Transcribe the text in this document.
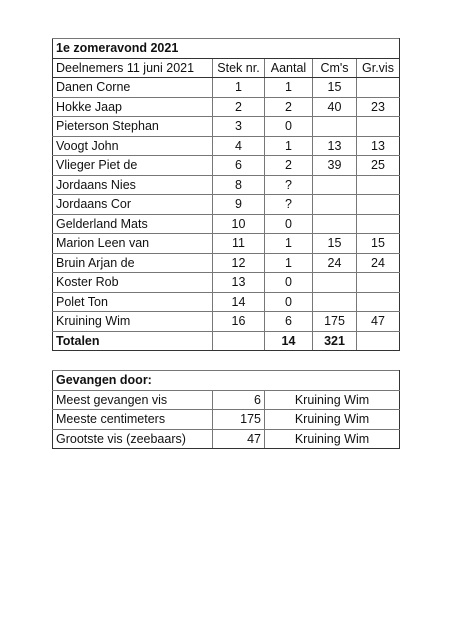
1e zomeravond 2021				
Deelnemers 11 juni 2021	Stek nr.	Aantal	Cm's	Gr.vis
Danen Corne	1	1	15	
Hokke Jaap	2	2	40	23
Pieterson Stephan	3	0		
Voogt John	4	1	13	13
Vlieger Piet de	6	2	39	25
Jordaans Nies	8	?		
Jordaans Cor	9	?		
Gelderland Mats	10	0		
Marion Leen van	11	1	15	15
Bruin Arjan de	12	1	24	24
Koster Rob	13	0		
Polet Ton	14	0		
Kruining Wim	16	6	175	47
Totalen		14	321	
Gevangen door:		
Meest gevangen vis	6	Kruining Wim
Meeste centimeters	175	Kruining Wim
Grootste vis (zeebaars)	47	Kruining Wim
